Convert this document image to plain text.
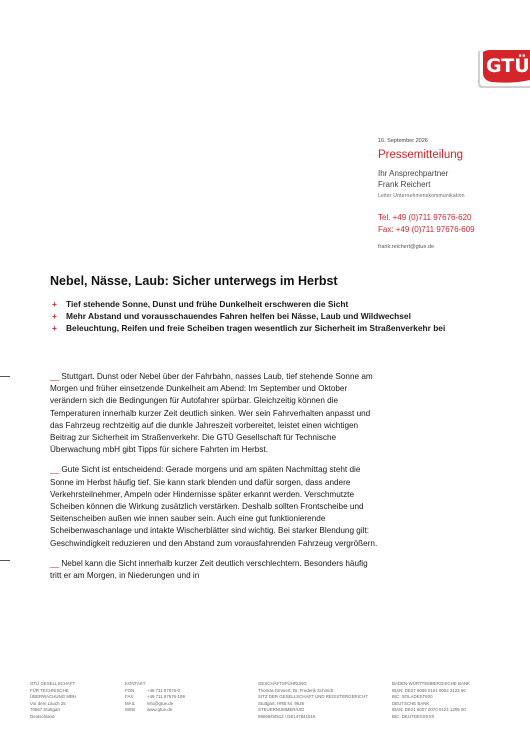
GTÜ
16. September 2026
Pressemitteilung
Ihr Ansprechpartner
Frank Reichert
Leiter Unternehmenskommunikation
Tel. +49 (0)711 97676-620
Fax: +49 (0)711 97676-609
frank.reichert@gtue.de
Nebel, Nässe, Laub: Sicher unterwegs im Herbst
+ Tief stehende Sonne, Dunst und frühe Dunkelheit erschweren die Sicht
+ Mehr Abstand und vorausschauendes Fahren helfen bei Nässe, Laub und Wildwechsel
+ Beleuchtung, Reifen und freie Scheiben tragen wesentlich zur Sicherheit im Straßenverkehr bei

__ Stuttgart. Dunst oder Nebel über der Fahrbahn, nasses Laub, tief stehende Sonne am Morgen und früher einsetzende Dunkelheit am Abend: Im September und Oktober verändern sich die Bedingungen für Autofahrer spürbar. Gleichzeitig können die Temperaturen innerhalb kurzer Zeit deutlich sinken. Wer sein Fahrverhalten anpasst und das Fahrzeug rechtzeitig auf die dunkle Jahreszeit vorbereitet, leistet einen wichtigen Beitrag zur Sicherheit im Straßenverkehr. Die GTÜ Gesellschaft für Technische Überwachung mbH gibt Tipps für sichere Fahrten im Herbst.

__ Gute Sicht ist entscheidend: Gerade morgens und am späten Nachmittag steht die Sonne im Herbst häufig tief. Sie kann stark blenden und dafür sorgen, dass andere Verkehrsteilnehmer, Ampeln oder Hindernisse später erkannt werden. Verschmutzte Scheiben können die Wirkung zusätzlich verstärken. Deshalb sollten Frontscheibe und Seitenscheiben außen wie innen sauber sein. Auch eine gut funktionierende Scheibenwaschanlage und intakte Wischerblätter sind wichtig. Bei starker Blendung gilt: Geschwindigkeit reduzieren und den Abstand zum vorausfahrenden Fahrzeug vergrößern.

__ Nebel kann die Sicht innerhalb kurzer Zeit deutlich verschlechtern. Besonders häufig tritt er am Morgen, in Niederungen und in

GTÜ GESELLSCHAFT
FÜR TECHNISCHE
ÜBERWACHUNG MBH
Vor dem Lauch 25
70567 Stuttgart
Deutschland
KONTAKT
FON	+49 711 97676-0
FAX	+49 711 97676-199
MAIL	info@gtue.de
WEB	www.gtue.de
GESCHÄFTSFÜHRUNG
Thomas Emmert, Dr. Frederik Schmidt
SITZ DER GESELLSCHAFT UND REGISTERGERICHT
Stuttgart, HRB Nr. 9626
STEUERNUMMER/UID
99069/00512 / DE147841516
BADEN-WÜRTTEMBERGISCHE BANK
IBAN: DE27 6005 0101 0002 3123 66
BIC: SOLADEST600
DEUTSCHE BANK
IBAN: DE21 6007 0070 0124 1309 00
BIC: DEUTDESSXXX
